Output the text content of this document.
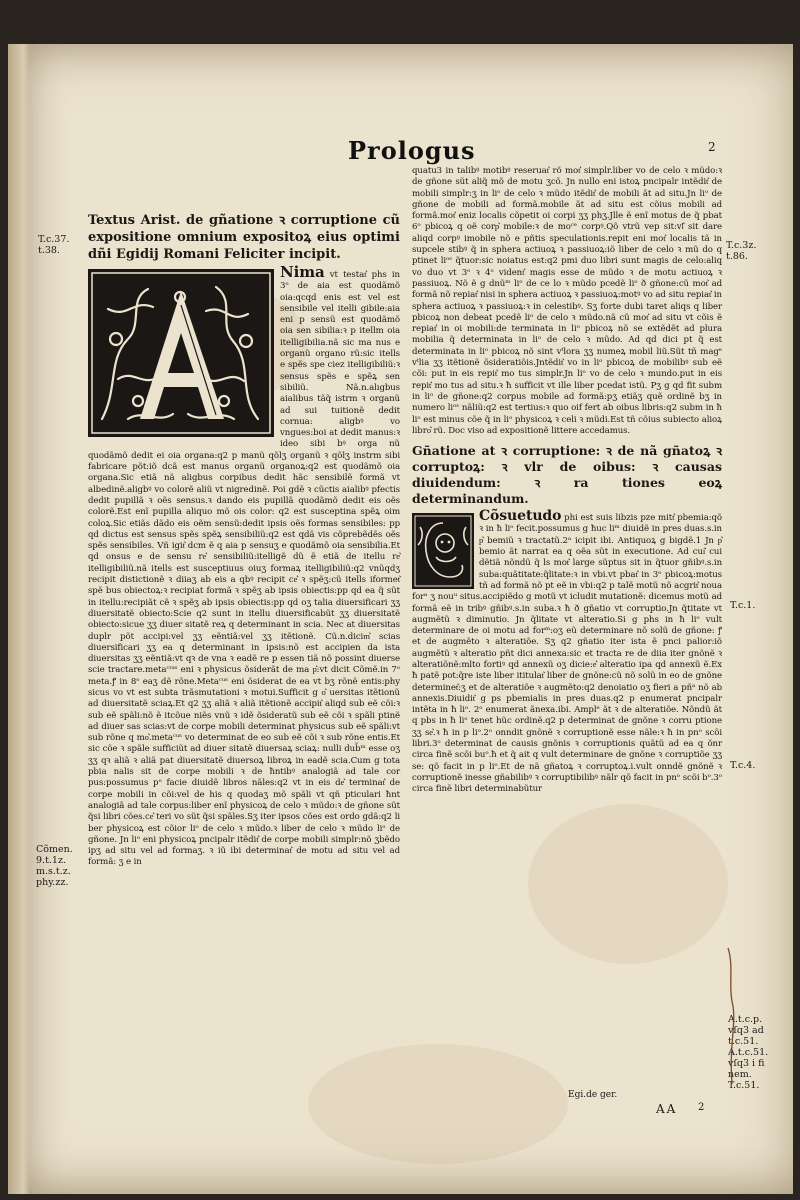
Prologus	2

Textus Arist. de gñatione ꝛ corruptione cũ expositione omnium expositoꝝ eius optimi dñi Egidij Romani Feliciter incipit.

Nima vt testat͛ phs in 3ᵒ de aia est quodãmõ oia:qcqd enis est vel est sensibile vel itelli gibile:aia eni p sensũ est quodãmõ oia sen sibilia:ꝛ p itellm oia itelligibilia.nã sic ma nus e organũ organo rũ:sic itells e spẽs spe ciez itelligibiliũ:ꝛ sensus spẽs e spẽꝝ sen sibiliũ. Nã.n.alıgbus aialibus tãq̃ istrm ꝛ organũ ad sui tuitionẽ dedit cornua: aligbꝰ vo vngues:boi at dedit manus:ꝛ ideo sibi bꝰ orga nũ quodãmõ dedit ei oia organa:q2 p manũ qõlʒ organũ ꝛ qõlʒ instrm sibi fabricare põt:iõ dcã est manus organũ organoꝝ:q2 est quodãmõ oia organa.Sic etiã nã aligbus corpibus dedit hãc sensibilẽ formã vt albedinẽ.aligbꝰ vo colorẽ aliũ vt nigredinẽ. Poi gdẽ ꝛ cũctis aialibꝰ pfectis dedit pupillã ꝛ oẽs sensus.ꝛ dando eis pupillã quodãmõ dedit eis oẽs colorẽ.Est enĩ pupilla aliquo mõ ois color: q2 est susceptina spẽꝝ oim coloꝝ.Sic etiãs dãdo eis oẽm sensũ:dedit ipsis oẽs formas sensibiles: pp qd dictus est sensus spẽs spẽꝝ sensibiliũ:q2 est qdã vis cõprebẽdẽs oẽs spẽs sensibiles. Vñ igit͛ dcm ẽ q aia p sensuʒ e quodãmõ oia sensibilia.Et qd onsus e de sensu re͛ sensibiliũ:itelligẽ dũ ẽ etiã de itellu re͛ itelligibiliũ.nã itells est susceptiuus oiuʒ formaꝝ itelligibiliũ:q2 vnũqdʒ recipit distictionẽ ꝛ diiaʒ ab eis a qbꝰ recipit ce͛ ꝛ spẽʒ:cũ itells iformet͛ spẽ bus obiectoꝝ:ꝛ recipiat formã ꝛ spẽʒ ab ipsis obiectis:pp qd ea q̃ sũt in itellu:recipiãt cẽ ꝛ spẽʒ ab ipsis obiectis:pp qd oʒ talia diuersificari ʒʒ diuersitatẽ obiecto:Scie q2 sunt in itellu diuersificabũt ʒʒ diuersitatẽ obiecto:sicue ʒʒ diuer sitatẽ reꝝ q determinant in scia. Nec at diuersitas duplr põt accipi:vel ʒʒ eẽntiã:vel ʒʒ itẽtionẽ. Cũ.n.dicim͛ scias diuersificari ʒʒ ea q determinant in ipsis:nõ est accipien da ista diuersitas ʒʒ eẽntiã:vt qꝛ de vna ꝛ eadẽ re p essen tiã nõ possint diuerse scie tractare.metaᶜᶦᵘˢ eni ꝛ physicus õsiderãt de ma p͛:vt dicit Cõmẽ.in 7ᵒ meta.ꝭ in 8ᵒ eaʒ dẽ rõne.Metaᶜᵘˢ eni õsiderat de ea vt bʒ rõnẽ entis:phy sicus vo vt est subta trãsmutationi ꝛ motui.Sufficit g o͛ uersitas itẽtionũ ad diuersitatẽ sciaꝝ.Et q2 ʒʒ aliã ꝛ aliã itẽtionẽ accipit͛ aliqd sub eẽ cõi:ꝛ sub eẽ spãli:nõ ẽ itcõue niẽs vnũ ꝛ idẽ õsideratũ sub eẽ cõi ꝛ spãli ptinẽ ad diuer sas scias:vt de corpe mobili determinat physicus sub eẽ spãli:vt sub rõne q mo͛.metaᶜᵘˢ vo determinat de eo sub eẽ cõi ꝛ sub rõne entis.Et sic cõe ꝛ spãle sufficiũt ad diuer sitatẽ diuersaꝝ sciaꝝ: nulli dub̃ᵐ esse oʒ ʒʒ qꝛ aliã ꝛ aliã pat diuersitatẽ diuersoꝝ libroꝝ in eadẽ scia.Cum g tota pbia nalis sit de corpe mobili ꝛ de ħntibꝰ analogiã ad tale cor pus:possumus pᵒ facie diuidẽ libros nãles:q2 vt in eis de͛ terminat͛ de corpe mobili in cõi:vel de his q quodaʒ mõ spãli vt qñ pticulari ħnt analogiã ad tale corpus:liber enĩ physicoꝝ de celo ꝛ mũdo:ꝛ de gñone sũt q̃si libri cões.ce͛ teri vo sũt q̃si spãles.Sʒ iter ipsos cões est ordo gdã:q2 li ber physicoꝝ est cõior liᵒ de celo ꝛ mũdo.ꝛ liber de celo ꝛ mũdo liᵒ de gñone. Jn liᵒ eni physicoꝝ pncipalr itẽdit͛ de corpe mobili simplr:nõ ʒbẽdo ipʒ ad situ vel ad formaʒ. ꝛ iŭ ibi determinat͛ de motu ad situ vel ad formã: ʒ e in

quatu3 in talibꝰ motibꝰ reseruat͛ rõ mot͛ simplr.liber vo de celo ꝛ mũdo:ꝛ de gñone sũt aliq̃ mõ de motu ʒcõ. Jn nullo eni istoꝝ pncipalr intẽdit͛ de mobili simplr:ʒ in liᵒ de celo ꝛ mũdo itẽdit͛ de mobili ãt ad situ.Jn liᵒ de gñone de mobili ad formã.mobile ãt ad situ est cõius mobili ad formã.mot͛ eniz localis cõpetit oi corpi ʒʒ phʒ.Jlle ẽ enĩ motus de q̃ pbat 6ᵒ pbicoꝝ q oẽ corp͛ mobile:ꝛ de moᶜᵉ corpꝰ.Qõ vtrũ vep sit:vl͛ sit dare aliqd corpꝰ imobile nõ e pñtis speculationis.repit eni mot͛ localis tã in supcele stibꝰ q̃ in sphera actiuoꝝ ꝛ passiuoꝝ:iõ liber de celo ꝛ mũ do q ptinet liᵒˢ q̃tuor:sic noiatus est:q2 pmi duo libri sunt magis de celo:aliq vo duo vt 3ᵒ ꝛ 4ᵒ vident͛ magis esse de mũdo ꝛ de motu actiuoꝝ ꝛ passiuoꝝ. Nõ ẽ g dnũᵐ liᵒ de ce lo ꝛ mũdo pcedẽ liᵒ ð gñone:cũ mot͛ ad formã nõ repiat͛ nisi in sphera actiuoꝝ ꝛ passiuoꝝ:motꝰ vo ad situ repiat͛ in sphera actiuoꝝ ꝛ passiuoꝝ:ꝛ in celestibꝰ. Sʒ forte dubi taret aliqs q liber pbicoꝝ non debeat pcedẽ liᵒ de celo ꝛ mũdo.nã cũ mot͛ ad situ vt cõis ẽ repiat͛ in oi mobili:de terminata in liᵒ pbicoꝝ nõ se extẽdẽt ad plura mobilia q̃ determinata in liᵒ de celo ꝛ mũdo. Ad qd dici pt q̃ est determinata in liᵒ pbicoꝝ nõ sint vᵗlora ʒʒ numeꝝ mobil liũ.Sũt tñ magᵉ vᵗlia ʒʒ itẽtionẽ õsideratiõis.Jntẽdit͛ vo in liᵒ pbicoꝝ de mobilibꝰ sub eẽ cõi: put in eis repit͛ mo tus simplr.Jn liᵒ vo de celo ꝛ mundo.put in eis repit͛ mo tus ad situ.ꝛ ħ sufficit vt ille liber pcedat istũ. Pʒ g qd fit subm in liᵒ de gñone:q2 corpus mobile ad formã:pʒ etiãʒ quẽ ordinẽ bʒ in numero liᵒˢ nãliũ:q2 est tertius:ꝛ quo oif fert ab oibus libris:q2 subm in ħ liᵒ est minus cõe q̃ in liᵒ physicoꝝ ꝛ celi ꝛ mũdi.Est tñ cõius subiecto alioꝝ libro͛ rũ. Doc viso ad expositionẽ littere accedamus.

Gñatione at ꝛ corruptione: ꝛ de nã gñatoꝝ ꝛ corruptoꝝ: ꝛ vlr de oibus: ꝛ causas diuidendum: ꝛ ra tiones eoꝝ determinandum.

Cõsuetudo phi est suis libzis pze mitt͛ pbemia:qõ ꝛ in ħ liᵒ fecit.possumus g ħuc liᵐ diuidẽ in pres duas.s.in p͛ bemiũ ꝛ tractatũ.2ᵃ icipit ibi. Antiquoꝝ g bigdẽ.1 Jn p͛ bemio ãt narrat ea q oẽa sũt in executione. Ad cui͛ cui dẽtiã nõndũ q̃ ls mot͛ large sũptus sit in q̃tuor gñibꝰ.s.in suba:quãtitate:q̃litate:ꝛ in vbi.vt pbat͛ in 3ᵒ pbicoꝝ:motus tñ ad formã nõ pt eẽ in vbi:q2 p talẽ motũ nõ acgrit͛ noua forᵃ ʒ nouᵘ situs.accipiẽdo g motũ vt icludit mutationẽ: dicemus motũ ad formã eẽ in tribꝰ gñibꝰ.s.in suba.ꝛ ħ ð gñatio vt corruptio.Jn q̃titate vt augmẽtũ ꝛ diminutio. Jn q̃litate vt alteratio.Si g phs in ħ liᵒ vult determinare de oi motu ad forᵐ:oʒ eũ determinare nõ solũ de gñone: ꝭ et de augmẽto ꝛ alteratiõe. Sʒ q2 gñatio iter ista ẽ pnci palior:iõ augmẽtũ ꝛ alteratio pñt dici annexa:sic et tracta re de diia iter gnõnẽ ꝛ alteratiõnẽ:mlto fortiꝰ qd annexũ oʒ dicie:e͛ alteratio ipa qd annexũ ẽ.Ex ħ patẽ pot:q̃re iste liber ititulat͛ liber de gnõne:cũ nõ solũ in eo de gnõne determinet͛:ʒ et de alteratiõe ꝛ augmẽto:q2 denoiatio oʒ fieri a pñᵃ nõ ab annexis.Diuidit͛ g ps pbemialis in pres duas.q2 p enumerat pncipalr intẽta in ħ liᵒ. 2ᵒ enumerat ãnexa.ibi. Amplᵉ ãt ꝛ de alteratiõe. Nõndũ ãt q pbs in ħ liᵒ tenet hũc ordinẽ.q2 p determinat de gnõne ꝛ corru ptione ʒʒ se͛.ꝛ ħ in p liᵒ.2ᵒ onndit gnõnẽ ꝛ corruptionẽ esse nãle:ꝛ ħ in pnᵒ scõi libri.3ᵒ determinat de causis gnõnis ꝛ corruptionis quãtũ ad ea q ŏnr circa finẽ scõi buᵒ.ħ et q̃ ait q vult determinare de gnõne ꝛ corruptiõe ʒʒ se: qõ facit in p liᵒ.Et de nã gñatoꝝ ꝛ corruptoꝝ.i.vult onndẽ gnõnẽ ꝛ corruptionẽ inesse gñabilibꝰ ꝛ corruptibilibꝰ nãlr qõ facit in pnᵒ scõi bᵒ.3ᵒ circa finẽ libri determinabũtur

T.c.37.
t.38.
Cõmen.
9.t.1z.
m.s.t.z.
phy.zz.
T.c.3z.
t.86.
T.c.1.
T.c.4.
A.t.c.p.
vſq3 ad
t.c.51.
A.t.c.51.
vſq3 i fi
nem.
T.c.51.
Egi.de ger.
AA 2
